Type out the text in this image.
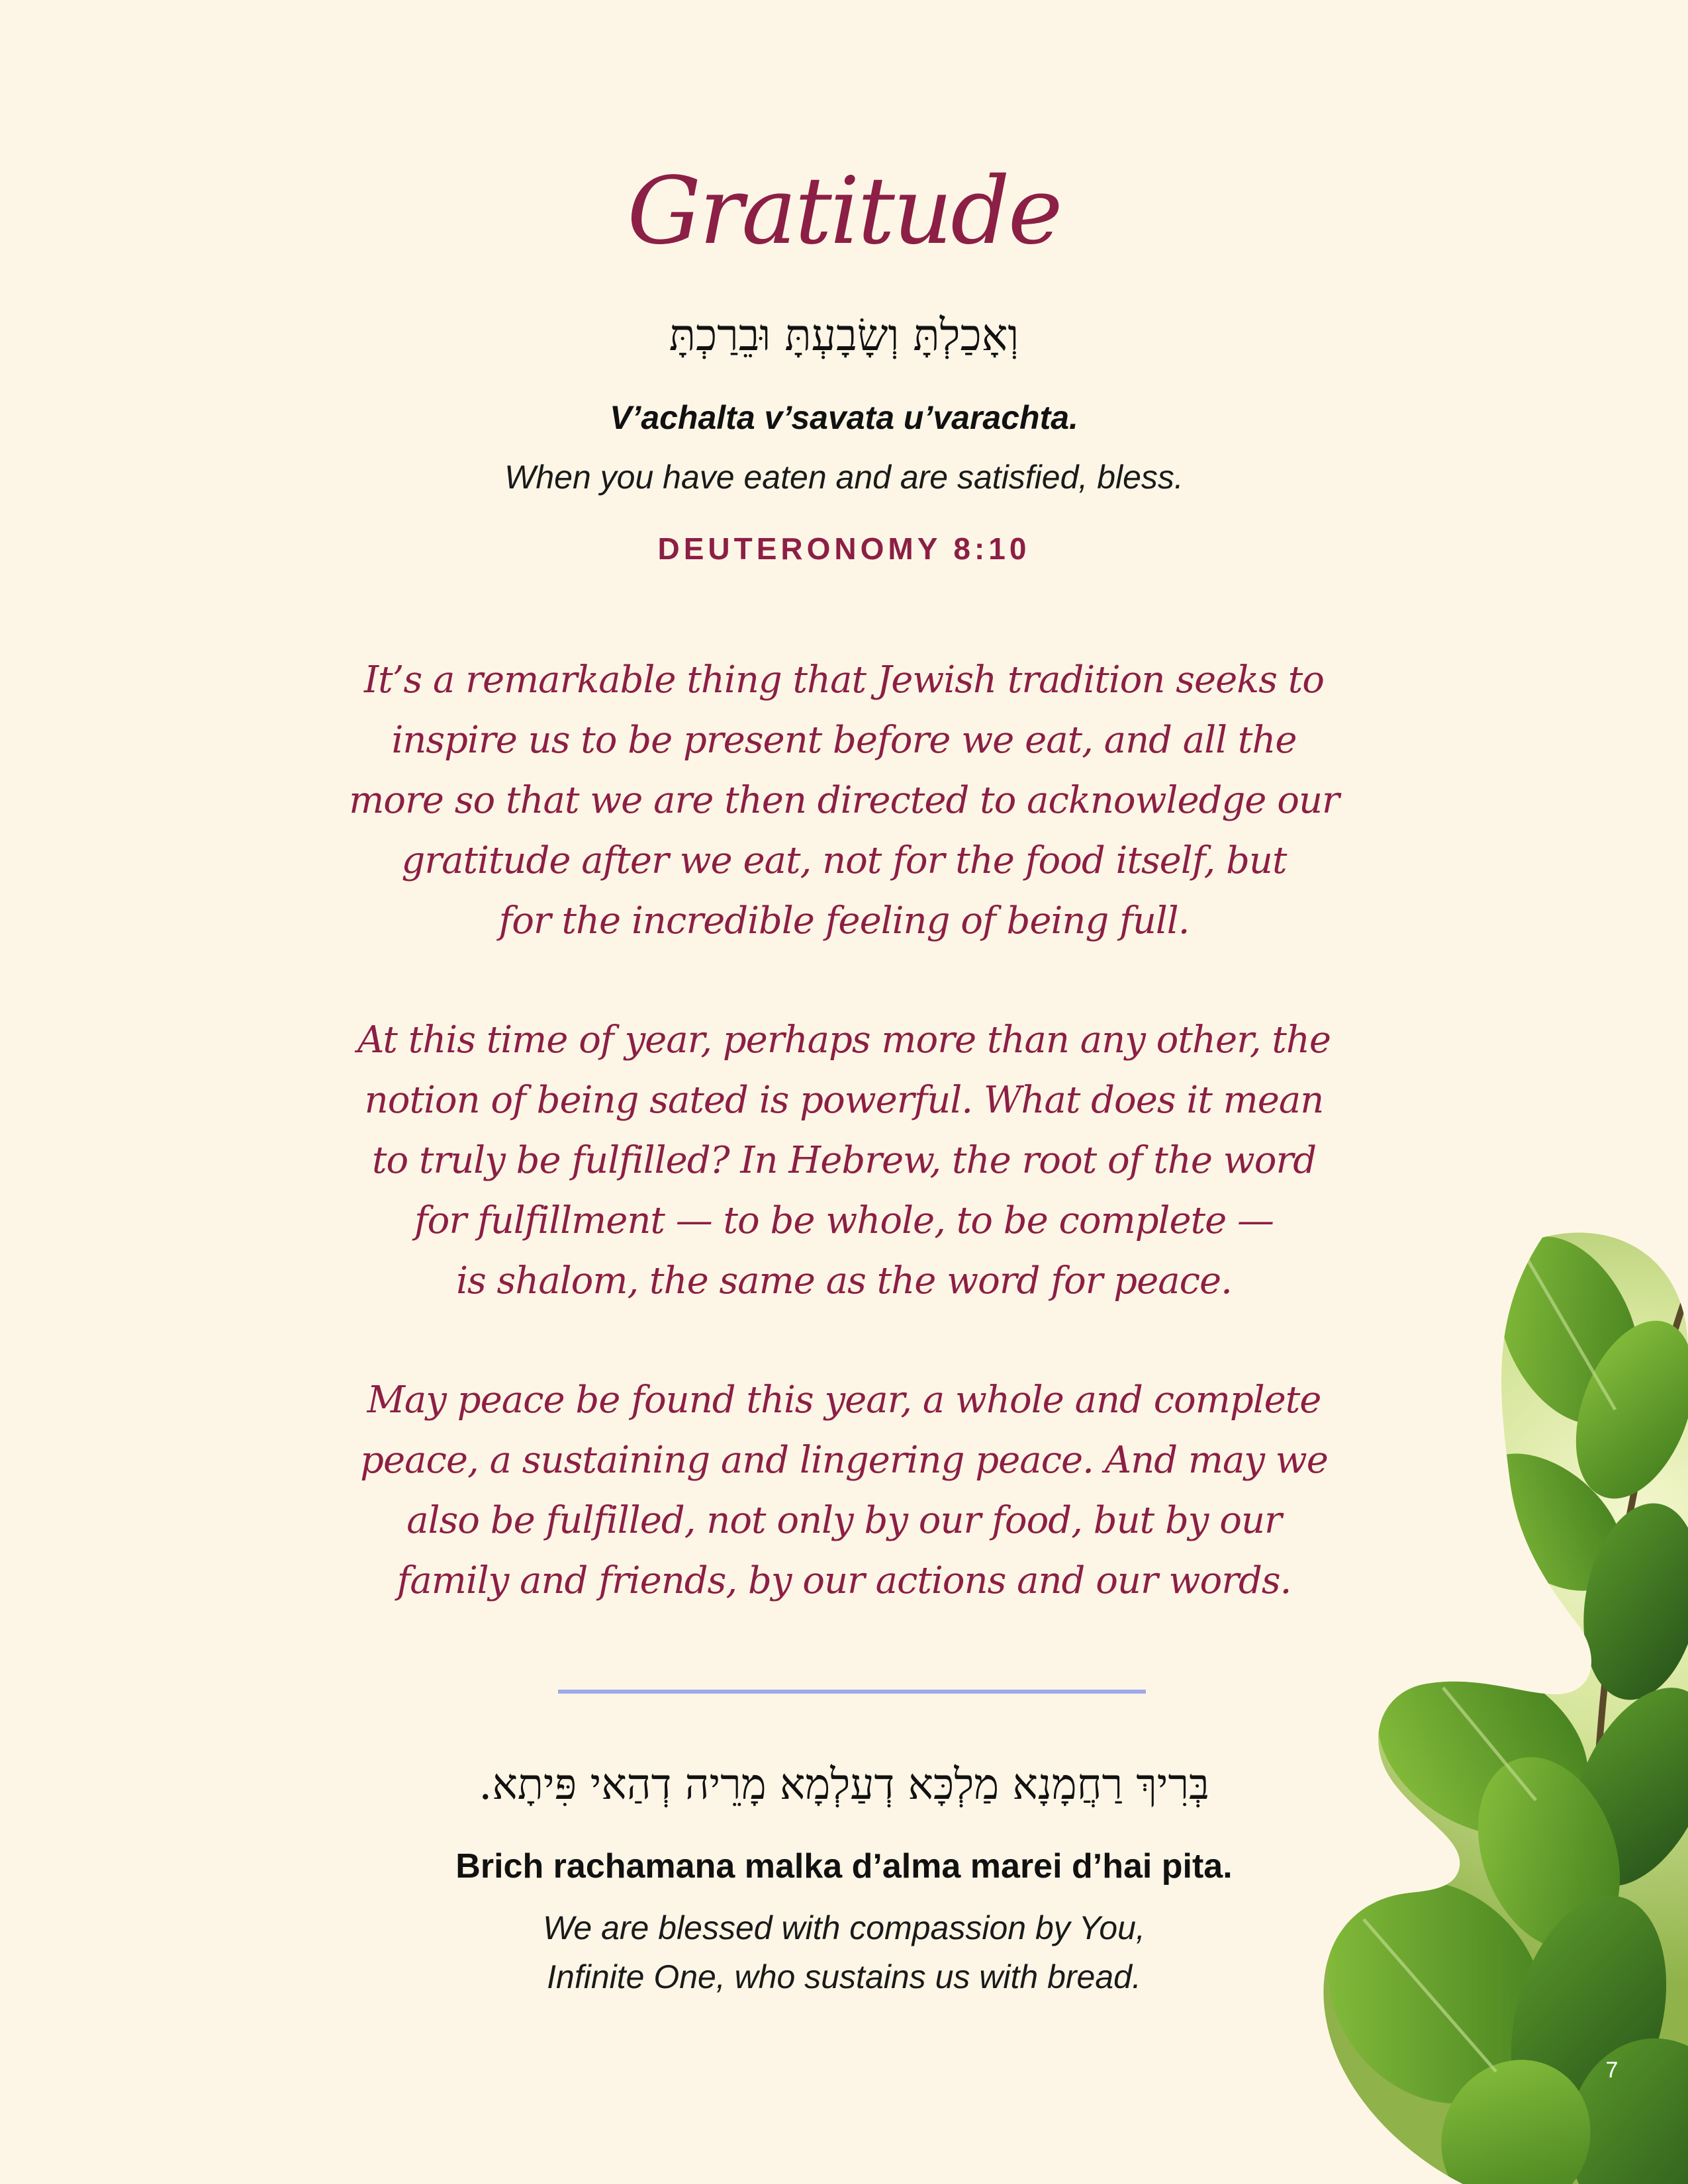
Gratitude
וְאָכַלְתָּ וְשָׂבָעְתָּ וּבֵרַכְתָּ
V’achalta v’savata u’varachta.
When you have eaten and are satisfied, bless.
DEUTERONOMY 8:10
It’s a remarkable thing that Jewish tradition seeks to
inspire us to be present before we eat, and all the
more so that we are then directed to acknowledge our
gratitude after we eat, not for the food itself, but
for the incredible feeling of being full.
At this time of year, perhaps more than any other, the
notion of being sated is powerful. What does it mean
to truly be fulfilled? In Hebrew, the root of the word
for fulfillment — to be whole, to be complete —
is shalom, the same as the word for peace.
May peace be found this year, a whole and complete
peace, a sustaining and lingering peace. And may we
also be fulfilled, not only by our food, but by our
family and friends, by our actions and our words.
בְּרִיךְ רַחֲמָנָא מַלְכָּא דְעַלְמָא מָרֵיה דְהַאי פִּיתָא.
Brich rachamana malka d’alma marei d’hai pita.
We are blessed with compassion by You,
Infinite One, who sustains us with bread.
7
